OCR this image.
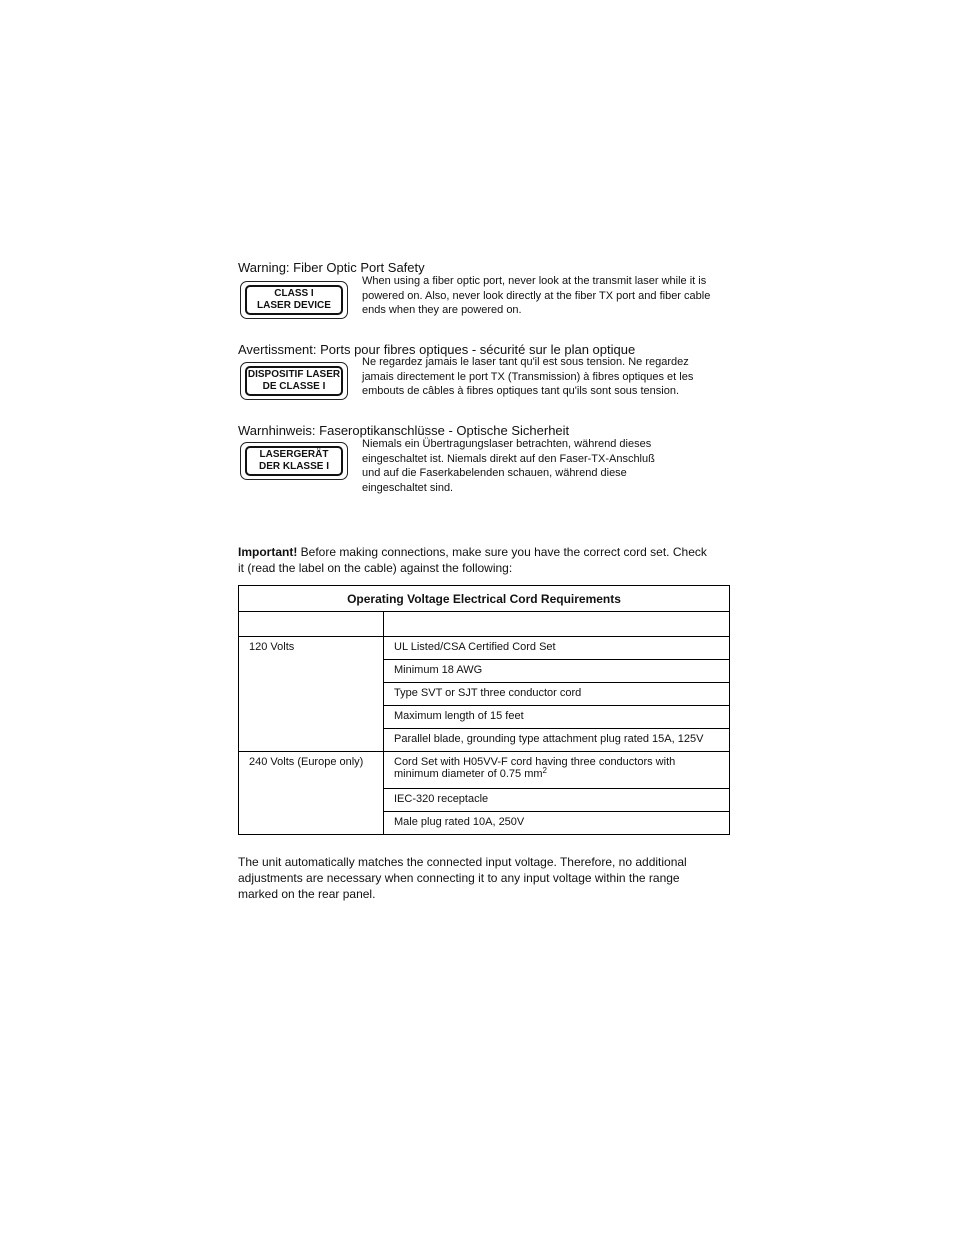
Warning: Fiber Optic Port Safety
CLASS I
LASER DEVICE

When using a fiber optic port, never look at the transmit laser while it is
powered on. Also, never look directly at the fiber TX port and fiber cable
ends when they are powered on.

Avertissment: Ports pour fibres optiques - sécurité sur le plan optique
DISPOSITIF LASER
DE CLASSE I

Ne regardez jamais le laser tant qu'il est sous tension. Ne regardez
jamais directement le port TX (Transmission) à fibres optiques et les
embouts de câbles à fibres optiques tant qu'ils sont sous tension.

Warnhinweis: Faseroptikanschlüsse - Optische Sicherheit
LASERGERÄT
DER KLASSE I

Niemals ein Übertragungslaser betrachten, während dieses
eingeschaltet ist. Niemals direkt auf den Faser-TX-Anschluß
und auf die Faserkabelenden schauen, während diese
eingeschaltet sind.

Important! Before making connections, make sure you have the correct cord set. Check
it (read the label on the cable) against the following:

Operating Voltage Electrical Cord Requirements	

120 Volts	UL Listed/CSA Certified Cord Set
	Minimum 18 AWG
	Type SVT or SJT three conductor cord
	Maximum length of 15 feet
	Parallel blade, grounding type attachment plug rated 15A, 125V
240 Volts (Europe only)	Cord Set with H05VV-F cord having three conductors with
minimum diameter of 0.75 $mm^2$
	IEC-320 receptacle
	Male plug rated 10A, 250V

The unit automatically matches the connected input voltage. Therefore, no additional
adjustments are necessary when connecting it to any input voltage within the range
marked on the rear panel.
